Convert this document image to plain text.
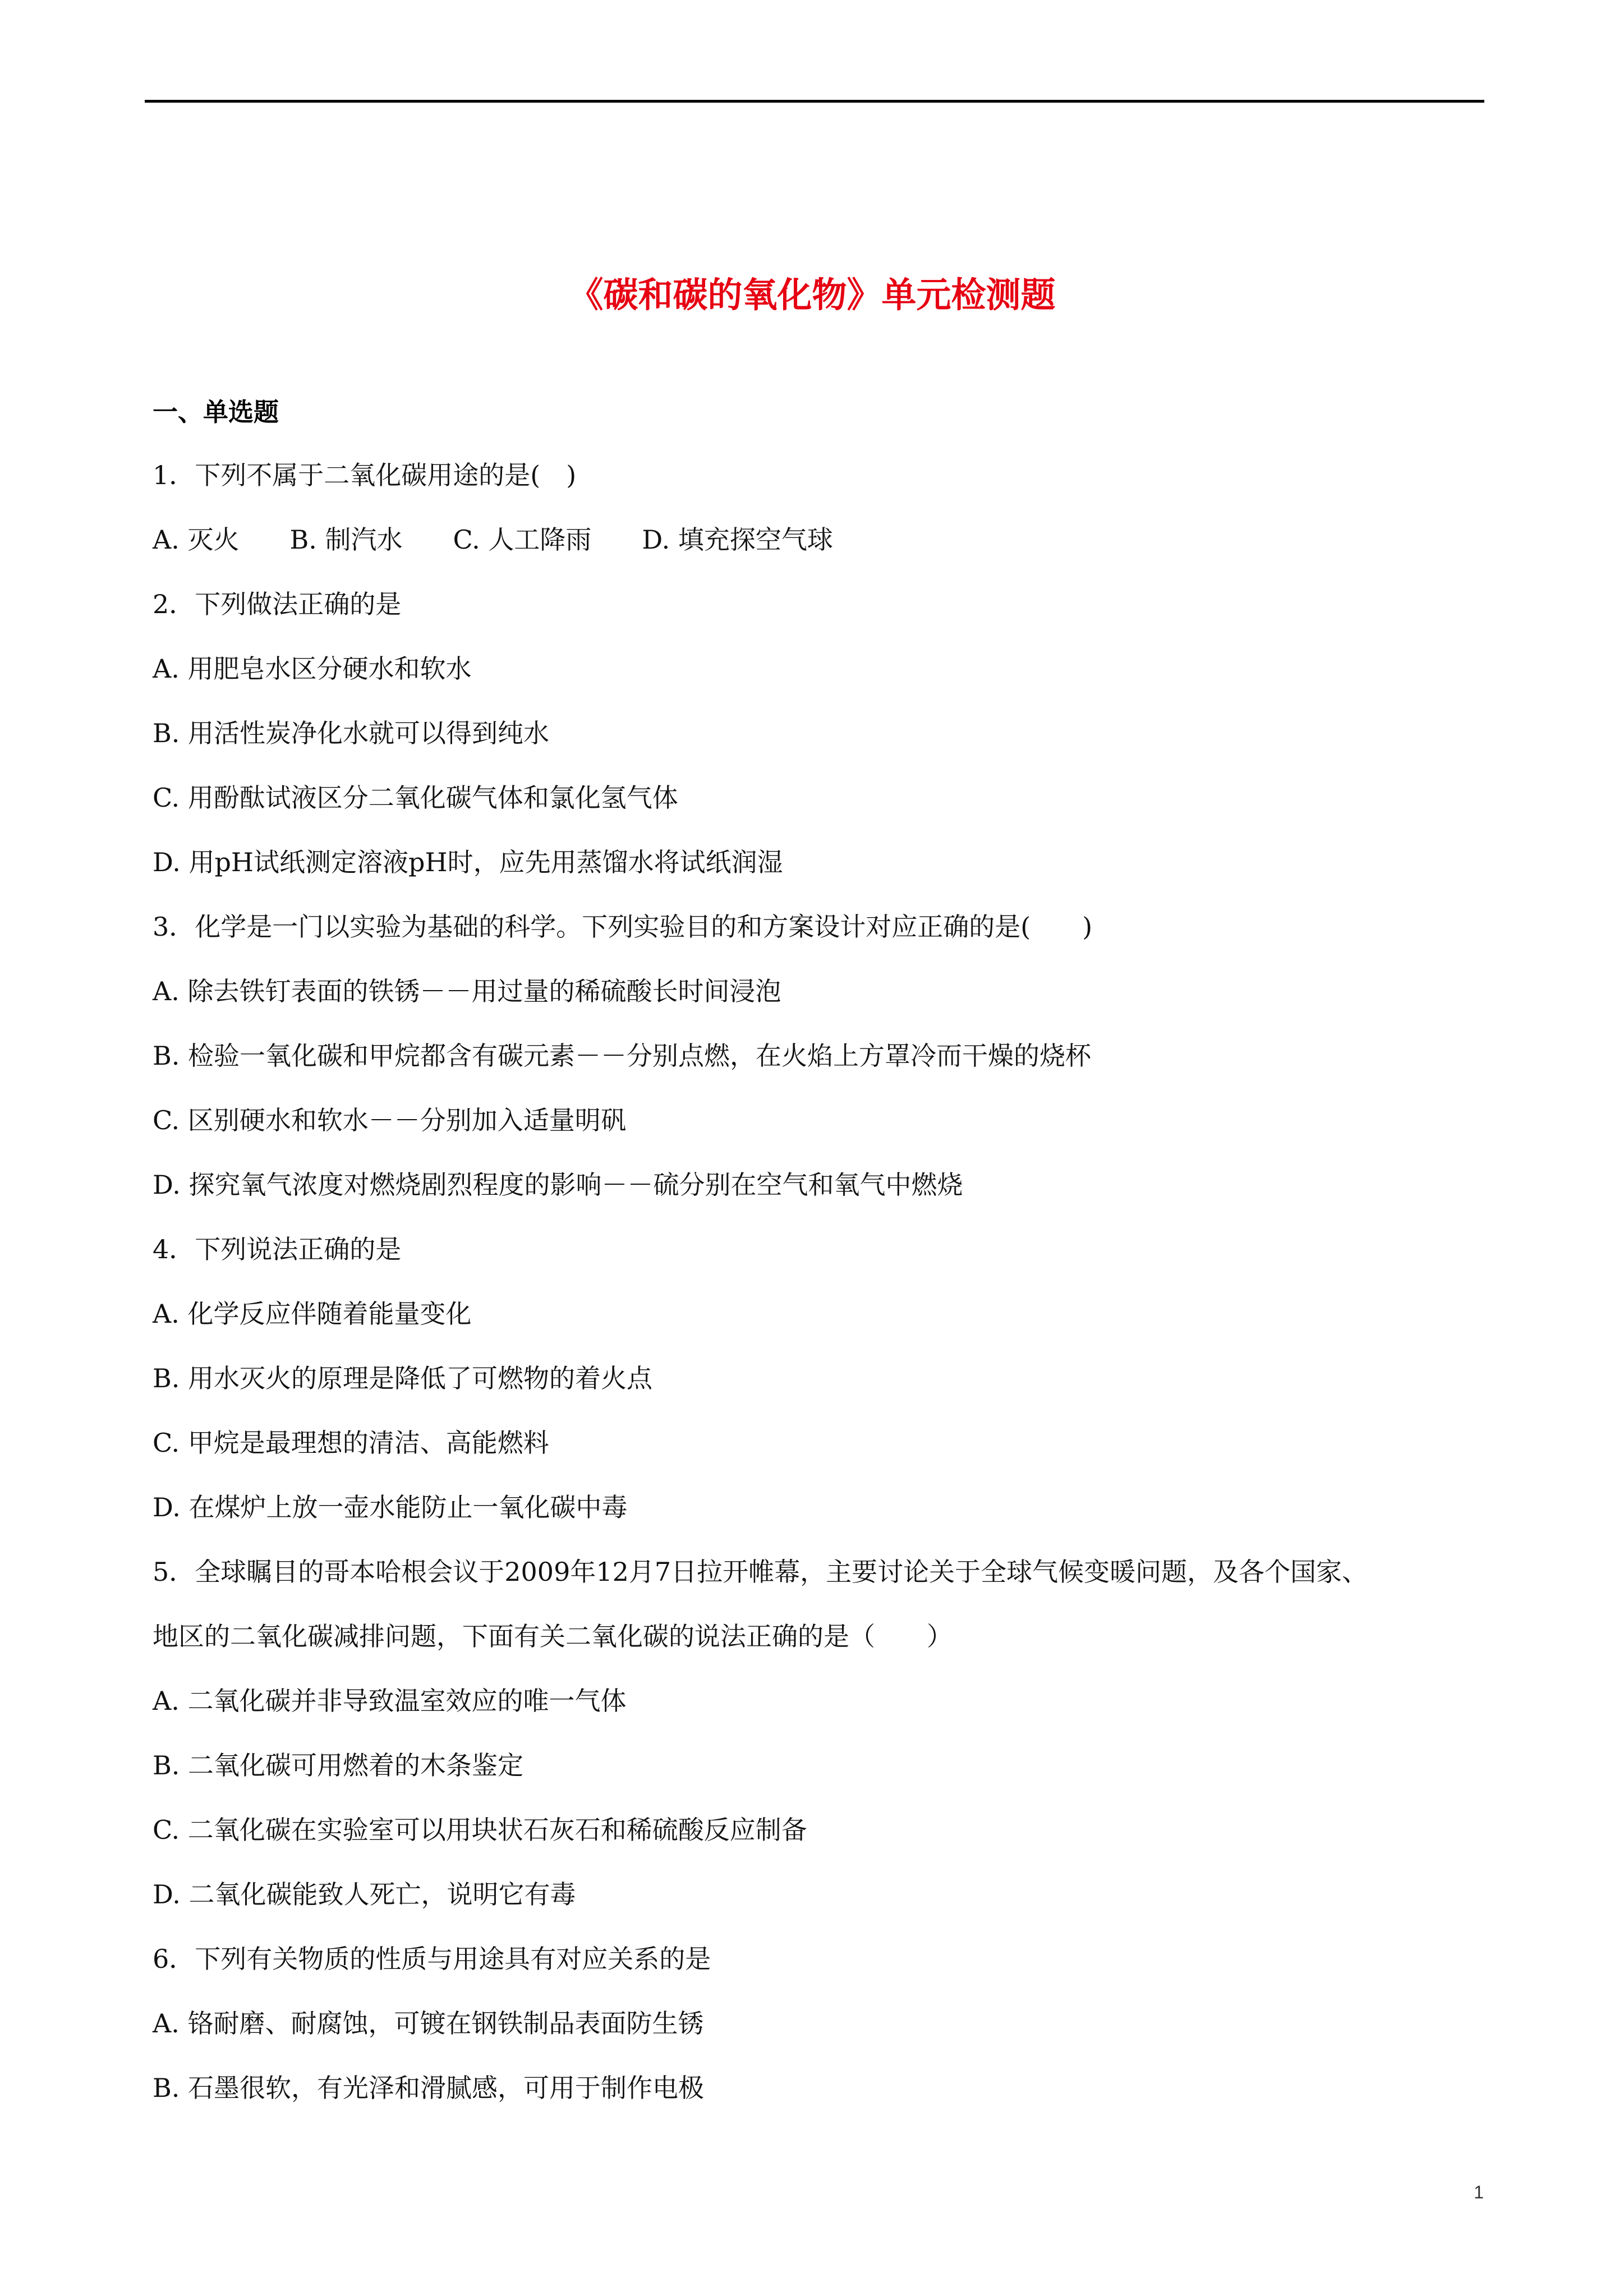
《碳和碳的氧化物》单元检测题
一、单选题
1．下列不属于二氧化碳用途的是(　)
A. 灭火 B. 制汽水 C. 人工降雨 D. 填充探空气球
2．下列做法正确的是
A. 用肥皂水区分硬水和软水
B. 用活性炭净化水就可以得到纯水
C. 用酚酞试液区分二氧化碳气体和氯化氢气体
D. 用pH试纸测定溶液pH时，应先用蒸馏水将试纸润湿
3．化学是一门以实验为基础的科学。下列实验目的和方案设计对应正确的是(　　)
A. 除去铁钉表面的铁锈－－用过量的稀硫酸长时间浸泡
B. 检验一氧化碳和甲烷都含有碳元素－－分别点燃，在火焰上方罩冷而干燥的烧杯
C. 区别硬水和软水－－分别加入适量明矾
D. 探究氧气浓度对燃烧剧烈程度的影响－－硫分别在空气和氧气中燃烧
4．下列说法正确的是
A. 化学反应伴随着能量变化
B. 用水灭火的原理是降低了可燃物的着火点
C. 甲烷是最理想的清洁、高能燃料
D. 在煤炉上放一壶水能防止一氧化碳中毒
5．全球瞩目的哥本哈根会议于2009年12月7日拉开帷幕，主要讨论关于全球气候变暖问题，及各个国家、
地区的二氧化碳减排问题，下面有关二氧化碳的说法正确的是（　　）
A. 二氧化碳并非导致温室效应的唯一气体
B. 二氧化碳可用燃着的木条鉴定
C. 二氧化碳在实验室可以用块状石灰石和稀硫酸反应制备
D. 二氧化碳能致人死亡，说明它有毒
6．下列有关物质的性质与用途具有对应关系的是
A. 铬耐磨、耐腐蚀，可镀在钢铁制品表面防生锈
B. 石墨很软，有光泽和滑腻感，可用于制作电极
1
